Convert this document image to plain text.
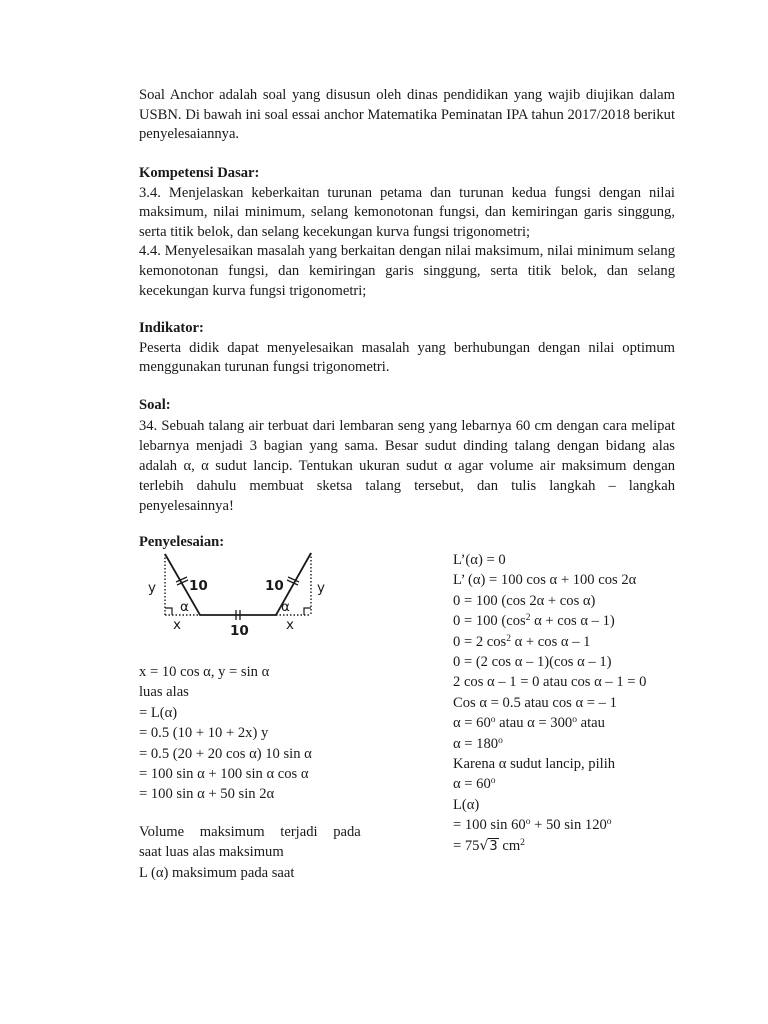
Soal Anchor adalah soal yang disusun oleh dinas pendidikan yang wajib diujikan dalam USBN. Di bawah ini soal essai anchor Matematika Peminatan IPA tahun 2017/2018 berikut penyelesaiannya.
Kompetensi Dasar:
3.4. Menjelaskan keberkaitan turunan petama dan turunan kedua fungsi dengan nilai maksimum, nilai minimum, selang kemonotonan fungsi, dan kemiringan garis singgung, serta titik belok, dan selang kecekungan kurva fungsi trigonometri;
4.4. Menyelesaikan masalah yang berkaitan dengan nilai maksimum, nilai minimum selang kemonotonan fungsi, dan kemiringan garis singgung, serta titik belok, dan selang kecekungan kurva fungsi trigonometri;
Indikator:
Peserta didik dapat menyelesaikan masalah yang berhubungan dengan nilai optimum menggunakan turunan fungsi trigonometri.
Soal:
34. Sebuah talang air terbuat dari lembaran seng yang lebarnya 60 cm dengan cara melipat lebarnya menjadi 3 bagian yang sama. Besar sudut dinding talang dengan bidang alas adalah α, α sudut lancip. Tentukan ukuran sudut α agar volume air maksimum dengan terlebih dahulu membuat sketsa talang tersebut, dan tulis langkah – langkah penyelesainnya!
Penyelesaian:
y	y
10	10
10
x	x
α	α
x = 10 cos α, y = sin α
luas alas
= L(α)
= 0.5 (10 + 10 + 2x) y
= 0.5 (20 + 20 cos α) 10 sin α
= 100 sin α + 100 sin α cos α
= 100 sin α + 50 sin 2α
Volume maksimum terjadi pada
saat luas alas maksimum
L (α) maksimum pada saat
L’(α) = 0
L’ (α) = 100 cos α + 100 cos 2α
0 = 100 (cos 2α + cos α)
0 = 100 ($\cos^2$ α + cos α – 1)
0 = 2 $\cos^2 \alpha + \cos \alpha - 1$
0 = (2 cos α – 1)(cos α – 1)
2 cos α – 1 = 0 atau cos α – 1 = 0
Cos α = 0.5 atau cos α = – 1
$\alpha = 60^o$ atau $\alpha = 300^o$ atau
$\alpha = 180^o$
Karena α sudut lancip, pilih
$\alpha = 60^o$
L(α)
= 100 $\sin 60^o + 50$ $\sin 120^o$
= 75√3 $cm^2$
